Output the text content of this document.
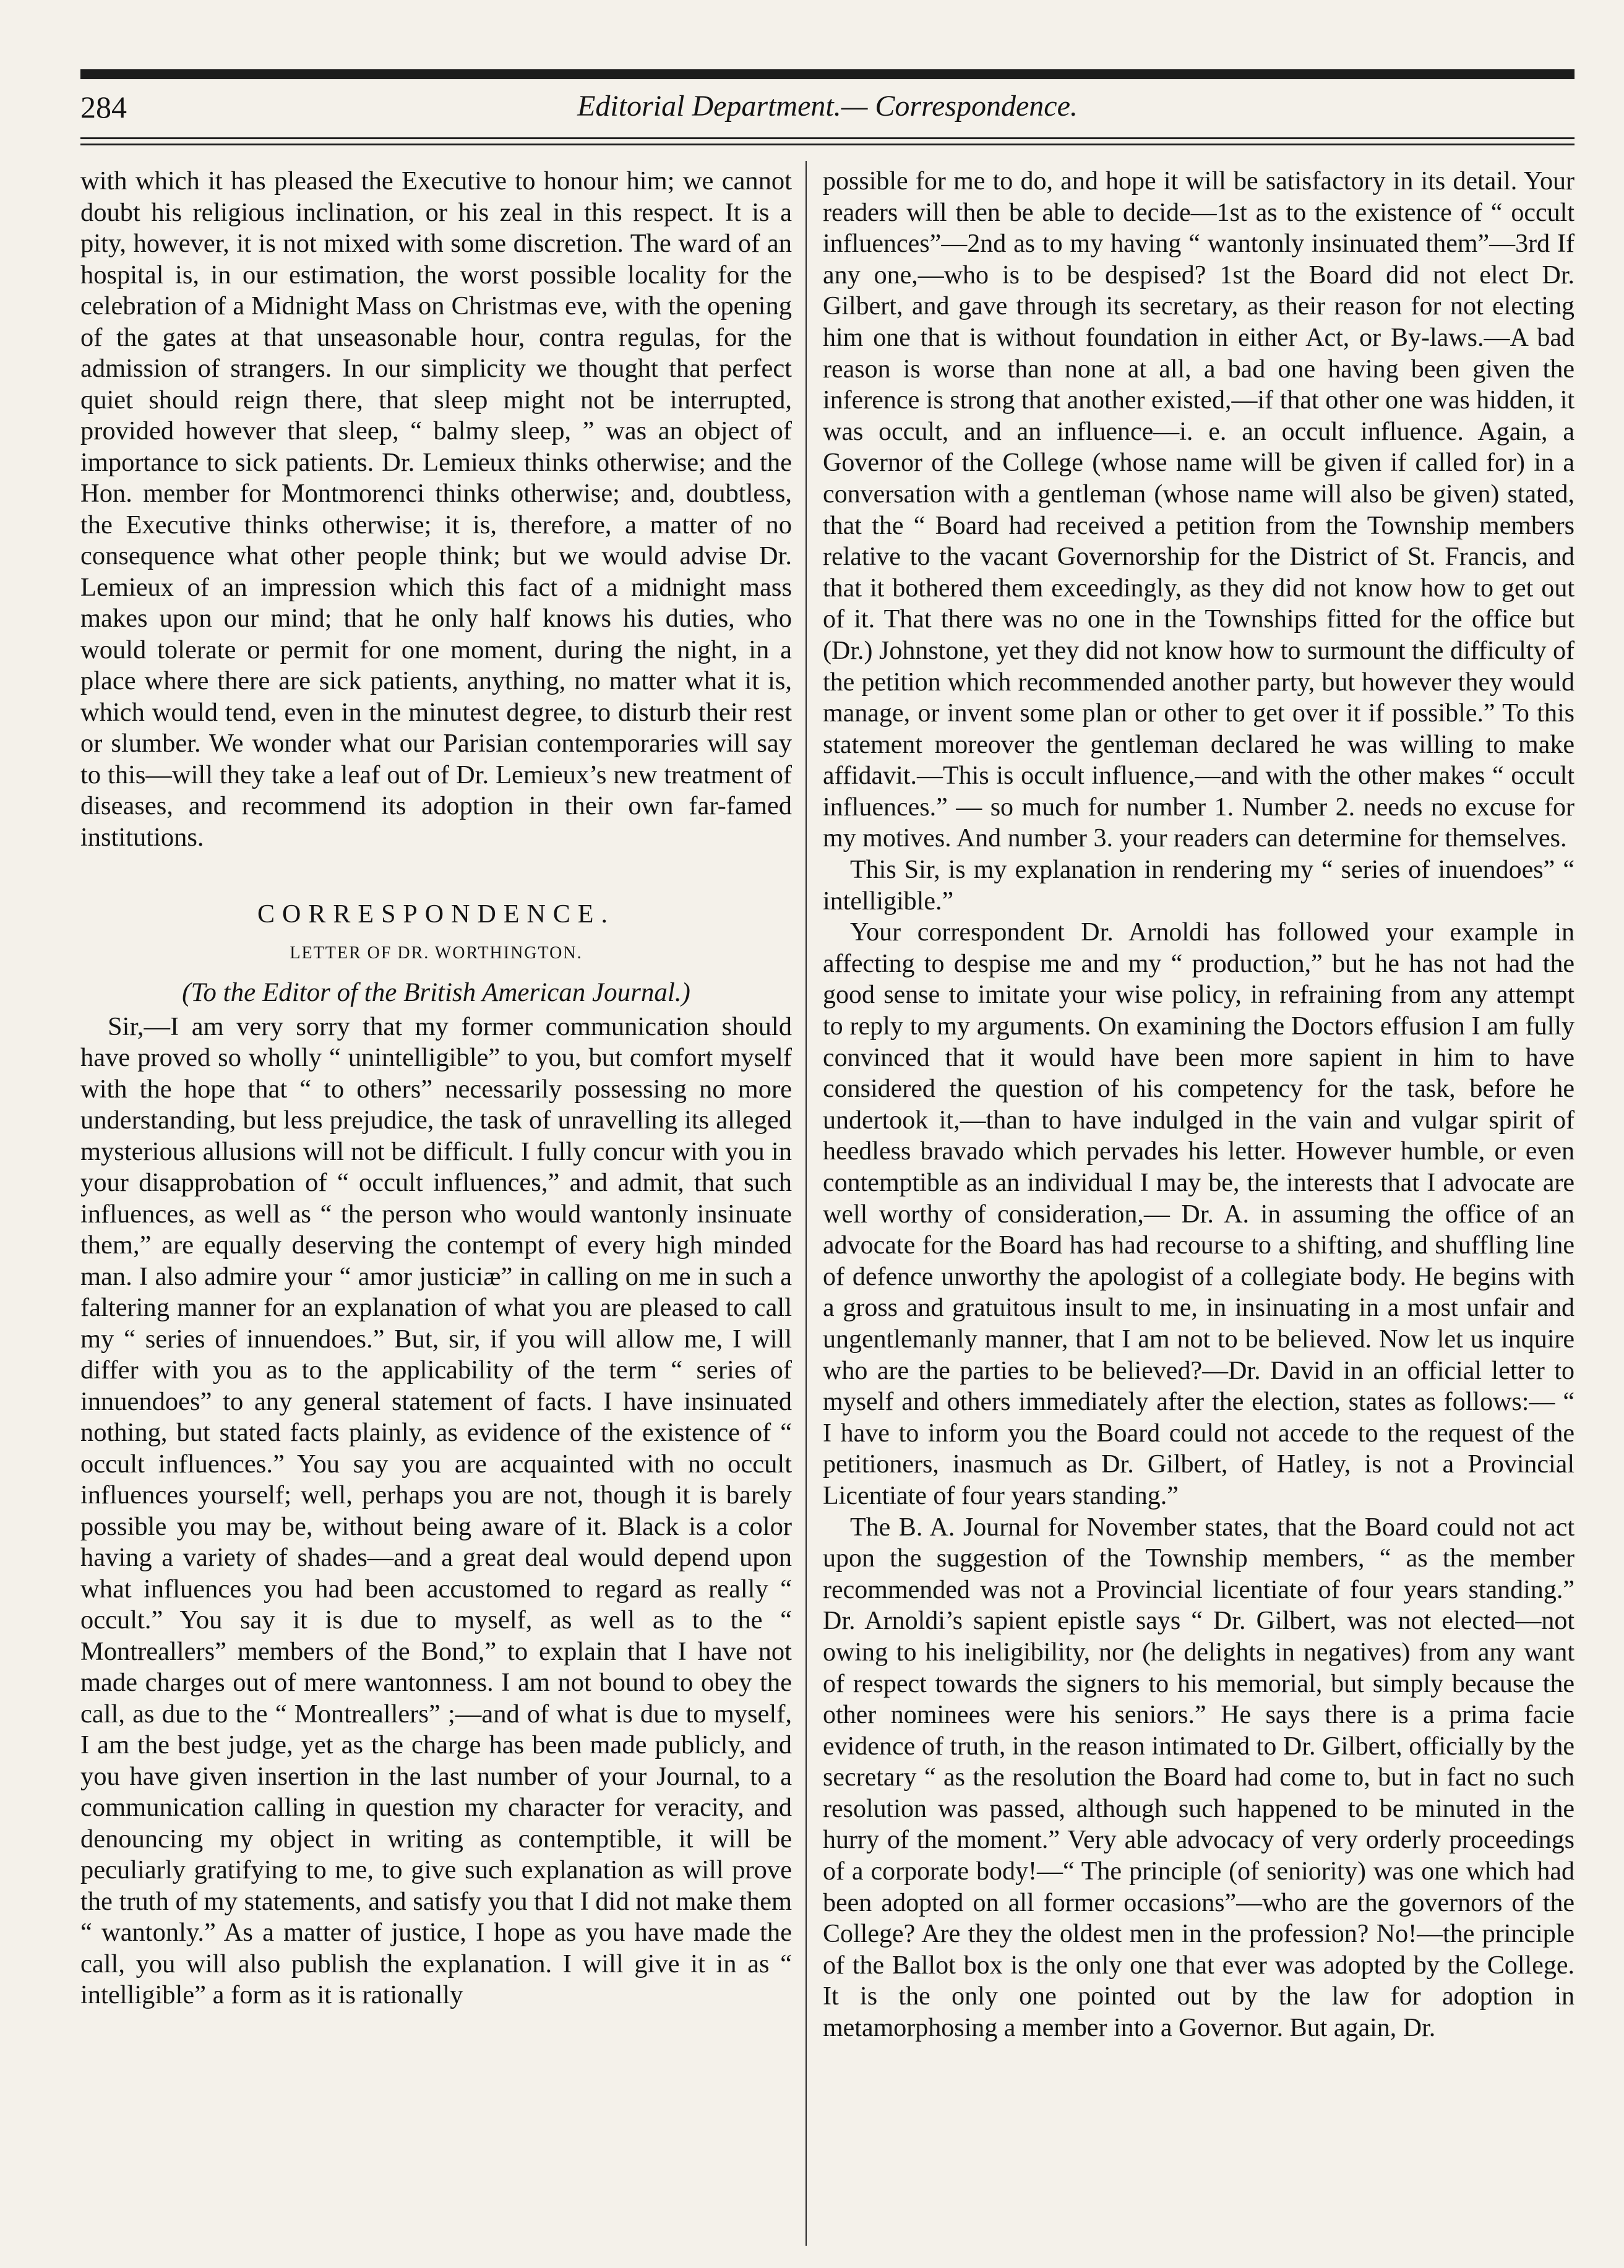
284	Editorial Department.— Correspondence.

with which it has pleased the Executive to honour him; we cannot doubt his religious inclination, or his zeal in this respect. It is a pity, however, it is not mixed with some discretion. The ward of an hospital is, in our estimation, the worst possible locality for the celebration of a Midnight Mass on Christmas eve, with the opening of the gates at that unseasonable hour, contra regulas, for the admission of strangers. In our simplicity we thought that perfect quiet should reign there, that sleep might not be interrupted, provided however that sleep, “ balmy sleep, ” was an object of importance to sick patients. Dr. Lemieux thinks otherwise; and the Hon. member for Montmorenci thinks otherwise; and, doubtless, the Executive thinks otherwise; it is, therefore, a matter of no consequence what other people think; but we would advise Dr. Lemieux of an impression which this fact of a midnight mass makes upon our mind; that he only half knows his duties, who would tolerate or permit for one moment, during the night, in a place where there are sick patients, anything, no matter what it is, which would tend, even in the minutest degree, to disturb their rest or slumber. We wonder what our Parisian contemporaries will say to this—will they take a leaf out of Dr. Lemieux’s new treatment of diseases, and recommend its adoption in their own far-famed institutions.

CORRESPONDENCE.
LETTER OF DR. WORTHINGTON.
(To the Editor of the British American Journal.)

Sir,—I am very sorry that my former communication should have proved so wholly “ unintelligible” to you, but comfort myself with the hope that “ to others” necessarily possessing no more understanding, but less prejudice, the task of unravelling its alleged mysterious allusions will not be difficult. I fully concur with you in your disapprobation of “ occult influences,” and admit, that such influences, as well as “ the person who would wantonly insinuate them,” are equally deserving the contempt of every high minded man. I also admire your “ amor justiciæ” in calling on me in such a faltering manner for an explanation of what you are pleased to call my “ series of innuendoes.” But, sir, if you will allow me, I will differ with you as to the applicability of the term “ series of innuendoes” to any general statement of facts. I have insinuated nothing, but stated facts plainly, as evidence of the existence of “ occult influences.” You say you are acquainted with no occult influences yourself; well, perhaps you are not, though it is barely possible you may be, without being aware of it. Black is a color having a variety of shades—and a great deal would depend upon what influences you had been accustomed to regard as really “ occult.” You say it is due to myself, as well as to the “ Montreallers” members of the Bond,” to explain that I have not made charges out of mere wantonness. I am not bound to obey the call, as due to the “ Montreallers” ;—and of what is due to myself, I am the best judge, yet as the charge has been made publicly, and you have given insertion in the last number of your Journal, to a communication calling in question my character for veracity, and denouncing my object in writing as contemptible, it will be peculiarly gratifying to me, to give such explanation as will prove the truth of my statements, and satisfy you that I did not make them “ wantonly.” As a matter of justice, I hope as you have made the call, you will also publish the explanation. I will give it in as “ intelligible” a form as it is rationally

possible for me to do, and hope it will be satisfactory in its detail. Your readers will then be able to decide—1st as to the existence of “ occult influences”—2nd as to my having “ wantonly insinuated them”—3rd If any one,—who is to be despised? 1st the Board did not elect Dr. Gilbert, and gave through its secretary, as their reason for not electing him one that is without foundation in either Act, or By-laws.—A bad reason is worse than none at all, a bad one having been given the inference is strong that another existed,—if that other one was hidden, it was occult, and an influence—i. e. an occult influence. Again, a Governor of the College (whose name will be given if called for) in a conversation with a gentleman (whose name will also be given) stated, that the “ Board had received a petition from the Township members relative to the vacant Governorship for the District of St. Francis, and that it bothered them exceedingly, as they did not know how to get out of it. That there was no one in the Townships fitted for the office but (Dr.) Johnstone, yet they did not know how to surmount the difficulty of the petition which recommended another party, but however they would manage, or invent some plan or other to get over it if possible.” To this statement moreover the gentleman declared he was willing to make affidavit.—This is occult influence,—and with the other makes “ occult influences.” — so much for number 1. Number 2. needs no excuse for my motives. And number 3. your readers can determine for themselves.

This Sir, is my explanation in rendering my “ series of inuendoes” “ intelligible.”

Your correspondent Dr. Arnoldi has followed your example in affecting to despise me and my “ production,” but he has not had the good sense to imitate your wise policy, in refraining from any attempt to reply to my arguments. On examining the Doctors effusion I am fully convinced that it would have been more sapient in him to have considered the question of his competency for the task, before he undertook it,—than to have indulged in the vain and vulgar spirit of heedless bravado which pervades his letter. However humble, or even contemptible as an individual I may be, the interests that I advocate are well worthy of consideration,— Dr. A. in assuming the office of an advocate for the Board has had recourse to a shifting, and shuffling line of defence unworthy the apologist of a collegiate body. He begins with a gross and gratuitous insult to me, in insinuating in a most unfair and ungentlemanly manner, that I am not to be believed. Now let us inquire who are the parties to be believed?—Dr. David in an official letter to myself and others immediately after the election, states as follows:— “ I have to inform you the Board could not accede to the request of the petitioners, inasmuch as Dr. Gilbert, of Hatley, is not a Provincial Licentiate of four years standing.”

The B. A. Journal for November states, that the Board could not act upon the suggestion of the Township members, “ as the member recommended was not a Provincial licentiate of four years standing.” Dr. Arnoldi’s sapient epistle says “ Dr. Gilbert, was not elected—not owing to his ineligibility, nor (he delights in negatives) from any want of respect towards the signers to his memorial, but simply because the other nominees were his seniors.” He says there is a prima facie evidence of truth, in the reason intimated to Dr. Gilbert, officially by the secretary “ as the resolution the Board had come to, but in fact no such resolution was passed, although such happened to be minuted in the hurry of the moment.” Very able advocacy of very orderly proceedings of a corporate body!—“ The principle (of seniority) was one which had been adopted on all former occasions”—who are the governors of the College? Are they the oldest men in the profession? No!—the principle of the Ballot box is the only one that ever was adopted by the College. It is the only one pointed out by the law for adoption in metamorphosing a member into a Governor. But again, Dr.
